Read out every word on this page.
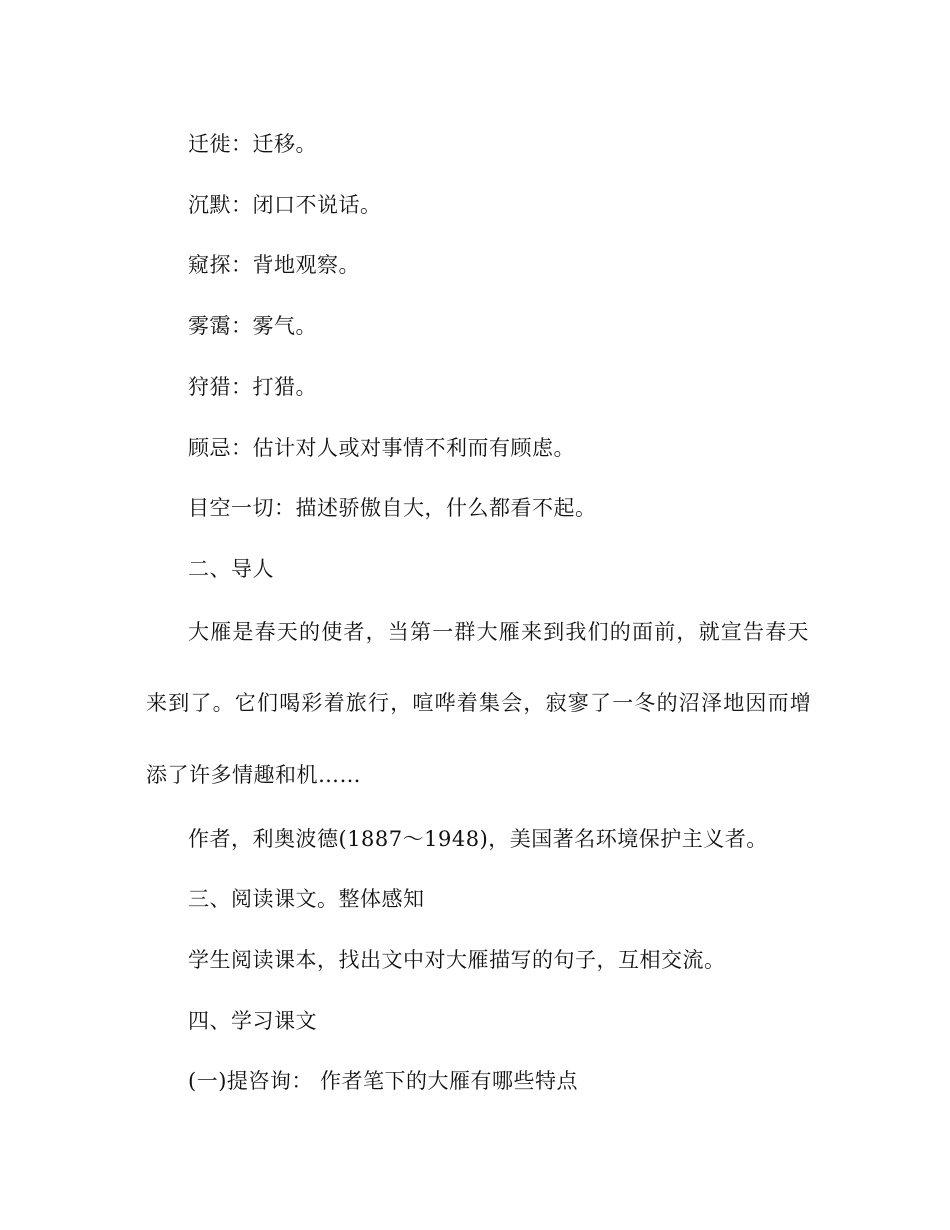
迁徙：迁移。
沉默：闭口不说话。
窥探：背地观察。
雾霭：雾气。
狩猎：打猎。
顾忌：估计对人或对事情不利而有顾虑。
目空一切：描述骄傲自大，什么都看不起。
二、导人
大雁是春天的使者，当第一群大雁来到我们的面前，就宣告春天
来到了。它们喝彩着旅行，喧哗着集会，寂寥了一冬的沼泽地因而增
添了许多情趣和机……
作者，利奥波德(1887～1948)，美国著名环境保护主义者。
三、阅读课文。整体感知
学生阅读课本，找出文中对大雁描写的句子，互相交流。
四、学习课文
(一)提咨询： 作者笔下的大雁有哪些特点
